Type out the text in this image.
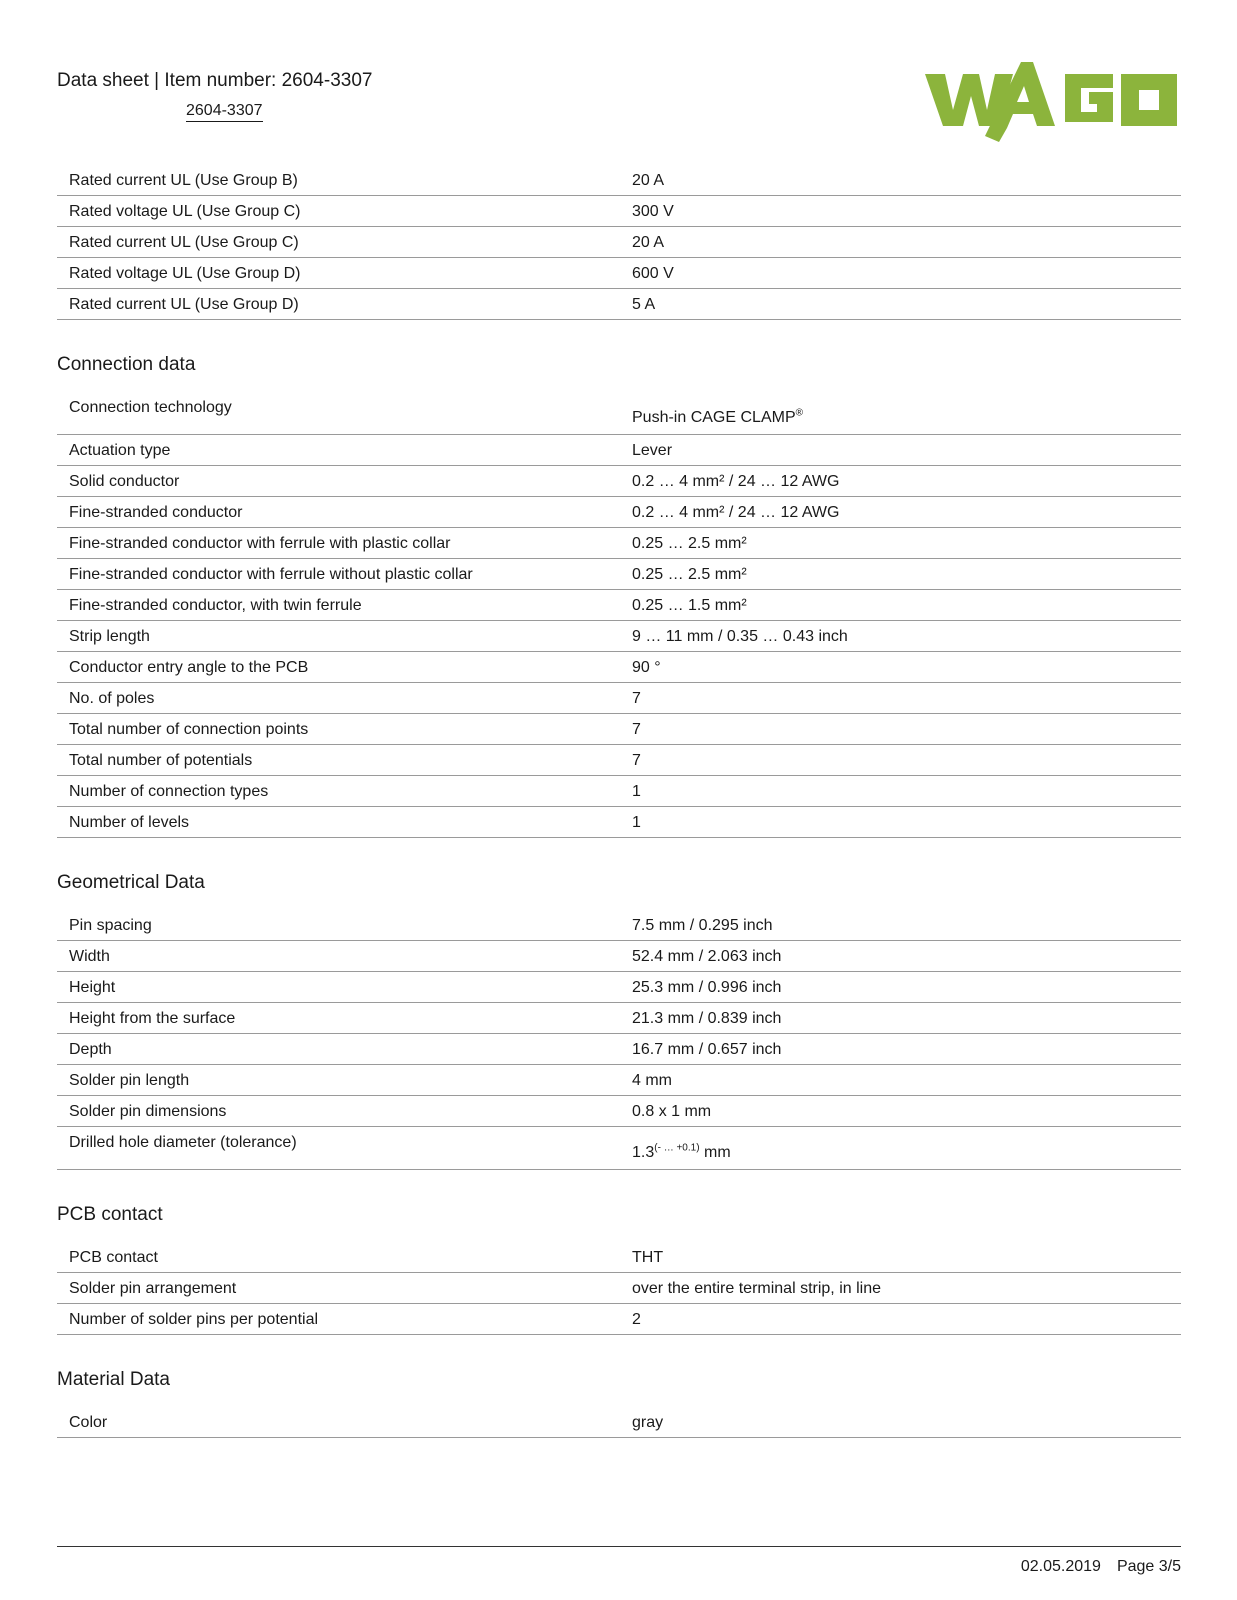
Data sheet | Item number: 2604-3307
2604-3307
Rated current UL (Use Group B)	20 A
Rated voltage UL (Use Group C)	300 V
Rated current UL (Use Group C)	20 A
Rated voltage UL (Use Group D)	600 V
Rated current UL (Use Group D)	5 A
Connection data
Connection technology	Push-in CAGE CLAMP®
Actuation type	Lever
Solid conductor	0.2 … 4 mm² / 24 … 12 AWG
Fine-stranded conductor	0.2 … 4 mm² / 24 … 12 AWG
Fine-stranded conductor with ferrule with plastic collar	0.25 … 2.5 mm²
Fine-stranded conductor with ferrule without plastic collar	0.25 … 2.5 mm²
Fine-stranded conductor, with twin ferrule	0.25 … 1.5 mm²
Strip length	9 … 11 mm / 0.35 … 0.43 inch
Conductor entry angle to the PCB	90 °
No. of poles	7
Total number of connection points	7
Total number of potentials	7
Number of connection types	1
Number of levels	1
Geometrical Data
Pin spacing	7.5 mm / 0.295 inch
Width	52.4 mm / 2.063 inch
Height	25.3 mm / 0.996 inch
Height from the surface	21.3 mm / 0.839 inch
Depth	16.7 mm / 0.657 inch
Solder pin length	4 mm
Solder pin dimensions	0.8 x 1 mm
Drilled hole diameter (tolerance)	$1.3^{(- \dots +0.1)}$ mm
PCB contact
PCB contact	THT
Solder pin arrangement	over the entire terminal strip, in line
Number of solder pins per potential	2
Material Data
Color	gray
02.05.2019 Page 3/5
